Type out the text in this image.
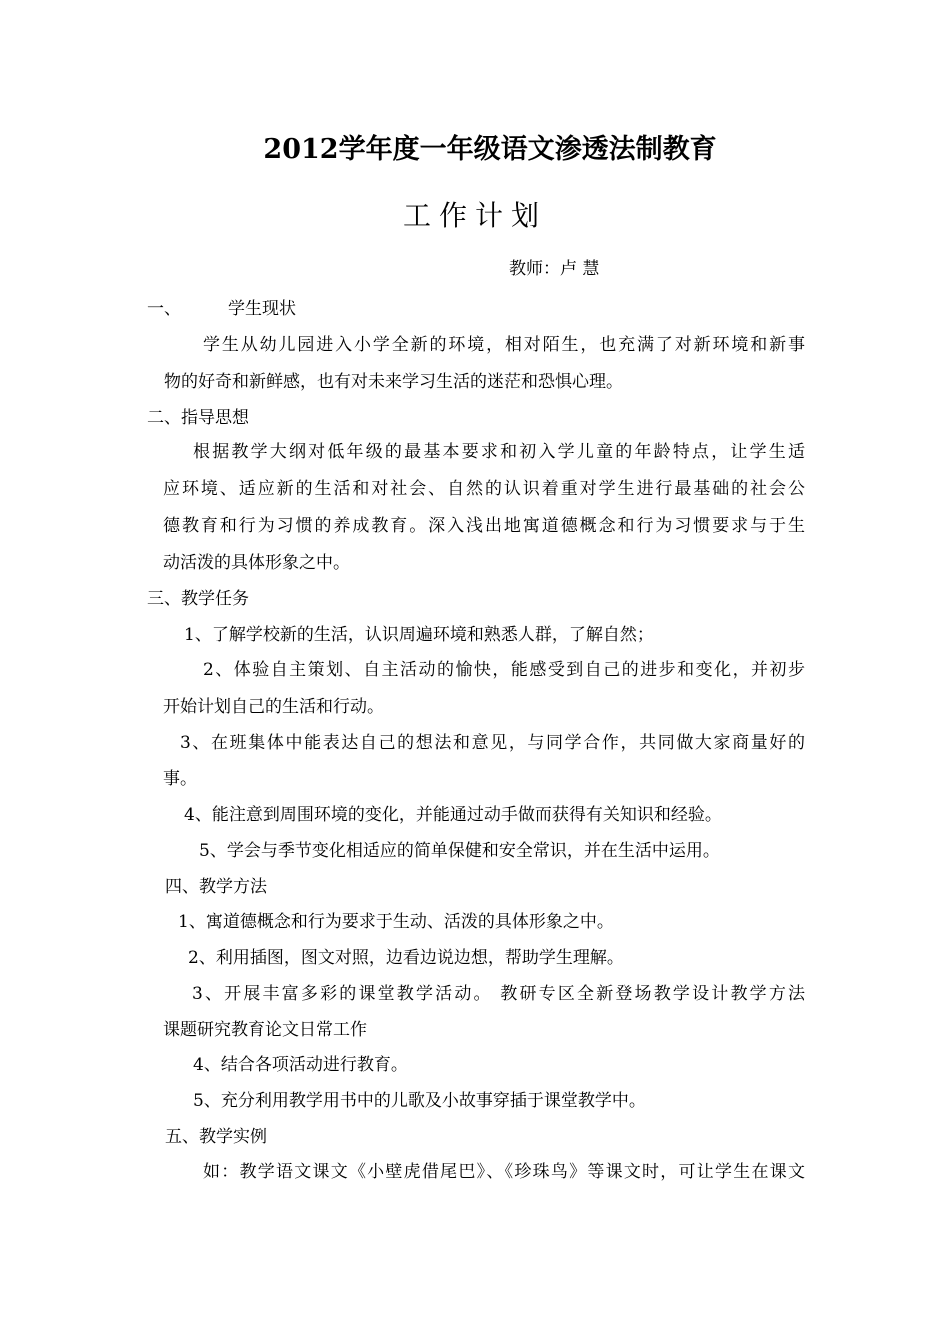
2012学年度一年级语文渗透法制教育
工作计划
教师：卢 慧
一、	学生现状
学生从幼儿园进入小学全新的环境，相对陌生，也充满了对新环境和新事
物的好奇和新鲜感，也有对未来学习生活的迷茫和恐惧心理。
二、指导思想
根据教学大纲对低年级的最基本要求和初入学儿童的年龄特点，让学生适
应环境、适应新的生活和对社会、自然的认识着重对学生进行最基础的社会公
德教育和行为习惯的养成教育。深入浅出地寓道德概念和行为习惯要求与于生
动活泼的具体形象之中。
三、教学任务
1、了解学校新的生活，认识周遍环境和熟悉人群，了解自然；
2、体验自主策划、自主活动的愉快，能感受到自己的进步和变化，并初步
开始计划自己的生活和行动。
3、在班集体中能表达自己的想法和意见，与同学合作，共同做大家商量好的
事。
4、能注意到周围环境的变化，并能通过动手做而获得有关知识和经验。
5、学会与季节变化相适应的简单保健和安全常识，并在生活中运用。
四、教学方法
1、寓道德概念和行为要求于生动、活泼的具体形象之中。
2、利用插图，图文对照，边看边说边想，帮助学生理解。
3、开展丰富多彩的课堂教学活动。 教研专区全新登场教学设计教学方法
课题研究教育论文日常工作
4、结合各项活动进行教育。
5、充分利用教学用书中的儿歌及小故事穿插于课堂教学中。
五、教学实例
如：教学语文课文《小壁虎借尾巴》、《珍珠鸟》等课文时，可让学生在课文
